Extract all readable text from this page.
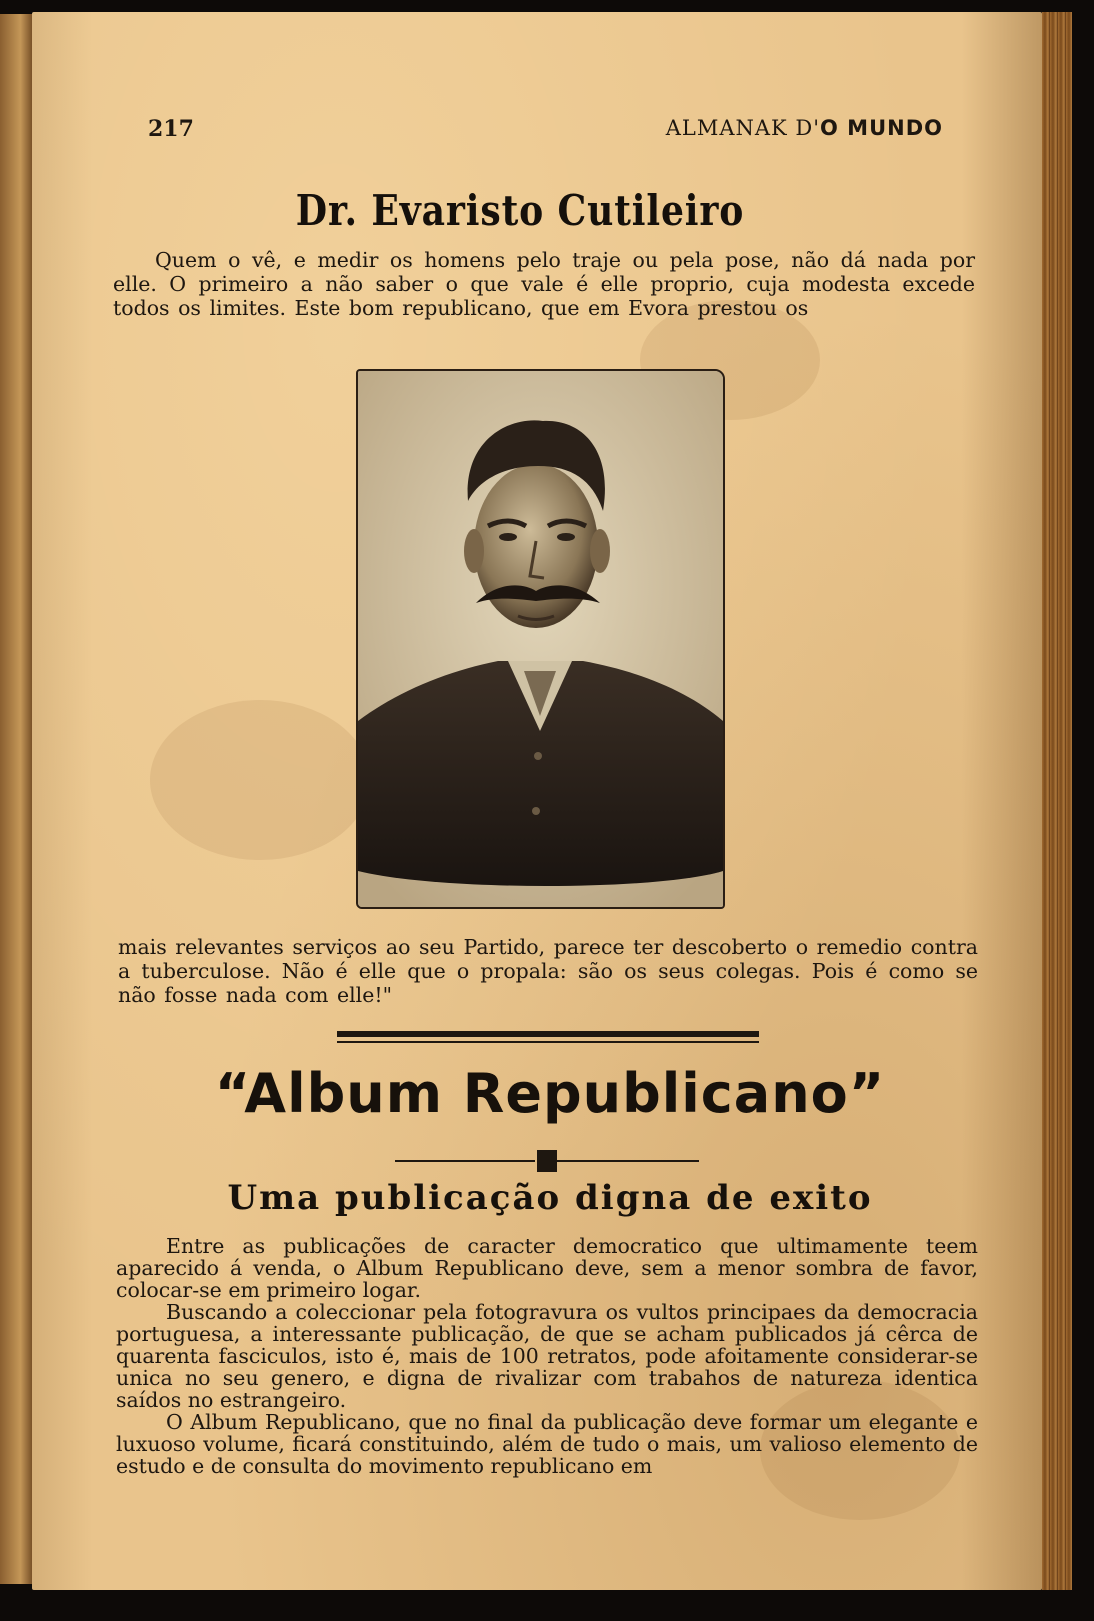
217	ALMANAK D'O MUNDO
Dr. Evaristo Cutileiro

Quem o vê, e medir os homens pelo traje ou pela pose, não dá nada por elle. O primeiro a não saber o que vale é elle proprio, cuja modesta excede todos os limites. Este bom republicano, que em Evora prestou os

mais relevantes serviços ao seu Partido, parece ter descoberto o remedio contra a tuberculose. Não é elle que o propala: são os seus colegas. Pois é como se não fosse nada com elle!"

“Album Republicano”
Uma publicação digna de exito

Entre as publicações de caracter democratico que ultimamente teem aparecido á venda, o Album Republicano deve, sem a menor sombra de favor, colocar-se em primeiro logar.

Buscando a coleccionar pela fotogravura os vultos principaes da democracia portuguesa, a interessante publicação, de que se acham publicados já cêrca de quarenta fasciculos, isto é, mais de 100 retratos, pode afoitamente considerar-se unica no seu genero, e digna de rivalizar com trabahos de natureza identica saídos no estrangeiro.

O Album Republicano, que no final da publicação deve formar um elegante e luxuoso volume, ficará constituindo, além de tudo o mais, um valioso elemento de estudo e de consulta do movimento republicano em
